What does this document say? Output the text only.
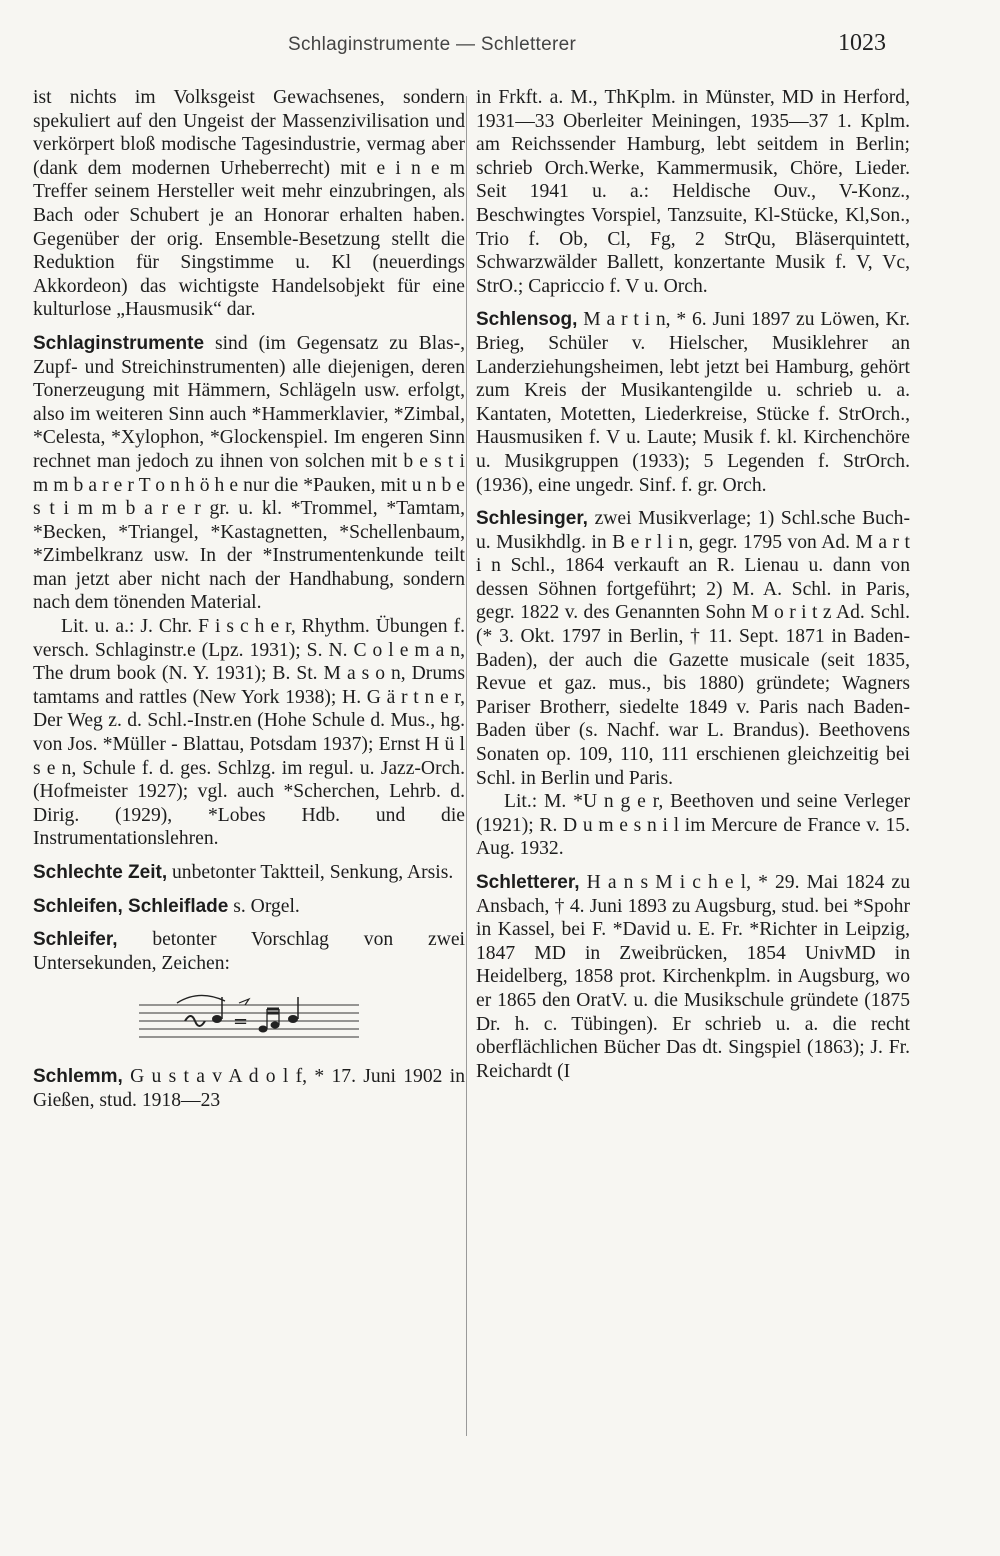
Schlaginstrumente — Schletterer	1023

ist nichts im Volksgeist Gewachsenes, sondern spekuliert auf den Ungeist der Massenzivilisation und verkörpert bloß modische Tagesindustrie, vermag aber (dank dem modernen Urheberrecht) mit e i n e m Treffer seinem Hersteller weit mehr einzubringen, als Bach oder Schubert je an Honorar erhalten haben. Gegenüber der orig. Ensemble-Besetzung stellt die Reduktion für Singstimme u. Kl (neuerdings Akkordeon) das wichtigste Handelsobjekt für eine kulturlose „Hausmusik“ dar.

Schlaginstrumente sind (im Gegensatz zu Blas-, Zupf- und Streichinstrumenten) alle diejenigen, deren Tonerzeugung mit Hämmern, Schlägeln usw. erfolgt, also im weiteren Sinn auch *Hammerklavier, *Zimbal, *Celesta, *Xylophon, *Glockenspiel. Im engeren Sinn rechnet man jedoch zu ihnen von solchen mit b e s t i m m b a r e r T o n h ö h e nur die *Pauken, mit u n b e s t i m m b a r e r gr. u. kl. *Trommel, *Tamtam, *Becken, *Triangel, *Kastagnetten, *Schellenbaum, *Zimbelkranz usw. In der *Instrumentenkunde teilt man jetzt aber nicht nach der Handhabung, sondern nach dem tönenden Material.

Lit. u. a.: J. Chr. F i s c h e r, Rhythm. Übungen f. versch. Schlaginstr.e (Lpz. 1931); S. N. C o l e m a n, The drum book (N. Y. 1931); B. St. M a s o n, Drums tamtams and rattles (New York 1938); H. G ä r t n e r, Der Weg z. d. Schl.-Instr.en (Hohe Schule d. Mus., hg. von Jos. *Müller - Blattau, Potsdam 1937); Ernst H ü l s e n, Schule f. d. ges. Schlzg. im regul. u. Jazz-Orch. (Hofmeister 1927); vgl. auch *Scherchen, Lehrb. d. Dirig. (1929), *Lobes Hdb. und die Instrumentationslehren.

Schlechte Zeit, unbetonter Taktteil, Senkung, Arsis.

Schleifen, Schleiflade s. Orgel.

Schleifer, betonter Vorschlag von zwei Untersekunden, Zeichen:

=

Schlemm, G u s t a v A d o l f, * 17. Juni 1902 in Gießen, stud. 1918—23

in Frkft. a. M., ThKplm. in Münster, MD in Herford, 1931—33 Oberleiter Meiningen, 1935—37 1. Kplm. am Reichssender Hamburg, lebt seitdem in Berlin; schrieb Orch.Werke, Kammermusik, Chöre, Lieder. Seit 1941 u. a.: Heldische Ouv., V-Konz., Beschwingtes Vorspiel, Tanzsuite, Kl-Stücke, Kl,Son., Trio f. Ob, Cl, Fg, 2 StrQu, Bläserquintett, Schwarzwälder Ballett, konzertante Musik f. V, Vc, StrO.; Capriccio f. V u. Orch.

Schlensog, M a r t i n, * 6. Juni 1897 zu Löwen, Kr. Brieg, Schüler v. Hielscher, Musiklehrer an Landerziehungsheimen, lebt jetzt bei Hamburg, gehört zum Kreis der Musikantengilde u. schrieb u. a. Kantaten, Motetten, Liederkreise, Stücke f. StrOrch., Hausmusiken f. V u. Laute; Musik f. kl. Kirchenchöre u. Musikgruppen (1933); 5 Legenden f. StrOrch. (1936), eine ungedr. Sinf. f. gr. Orch.

Schlesinger, zwei Musikverlage; 1) Schl.sche Buch- u. Musikhdlg. in B e r l i n, gegr. 1795 von Ad. M a r t i n Schl., 1864 verkauft an R. Lienau u. dann von dessen Söhnen fortgeführt; 2) M. A. Schl. in Paris, gegr. 1822 v. des Genannten Sohn M o r i t z Ad. Schl. (* 3. Okt. 1797 in Berlin, † 11. Sept. 1871 in Baden-Baden), der auch die Gazette musicale (seit 1835, Revue et gaz. mus., bis 1880) gründete; Wagners Pariser Brotherr, siedelte 1849 v. Paris nach Baden-Baden über (s. Nachf. war L. Brandus). Beethovens Sonaten op. 109, 110, 111 erschienen gleichzeitig bei Schl. in Berlin und Paris.

Lit.: M. *U n g e r, Beethoven und seine Verleger (1921); R. D u m e s n i l im Mercure de France v. 15. Aug. 1932.

Schletterer, H a n s M i c h e l, * 29. Mai 1824 zu Ansbach, † 4. Juni 1893 zu Augsburg, stud. bei *Spohr in Kassel, bei F. *David u. E. Fr. *Richter in Leipzig, 1847 MD in Zweibrücken, 1854 UnivMD in Heidelberg, 1858 prot. Kirchenkplm. in Augsburg, wo er 1865 den OratV. u. die Musikschule gründete (1875 Dr. h. c. Tübingen). Er schrieb u. a. die recht oberflächlichen Bücher Das dt. Singspiel (1863); J. Fr. Reichardt (I
